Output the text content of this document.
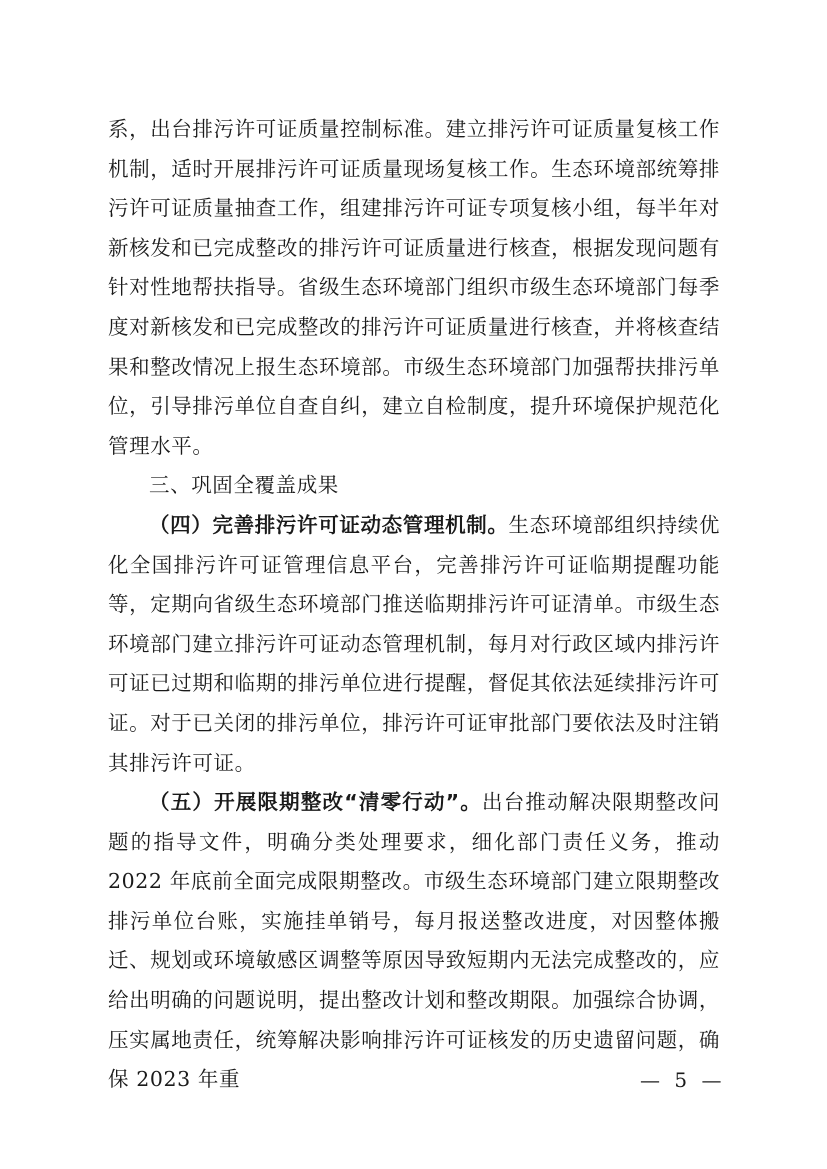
系，出台排污许可证质量控制标准。建立排污许可证质量复核工作机制，适时开展排污许可证质量现场复核工作。生态环境部统筹排污许可证质量抽查工作，组建排污许可证专项复核小组，每半年对新核发和已完成整改的排污许可证质量进行核查，根据发现问题有针对性地帮扶指导。省级生态环境部门组织市级生态环境部门每季度对新核发和已完成整改的排污许可证质量进行核查，并将核查结果和整改情况上报生态环境部。市级生态环境部门加强帮扶排污单位，引导排污单位自查自纠，建立自检制度，提升环境保护规范化管理水平。

三、巩固全覆盖成果

（四）完善排污许可证动态管理机制。生态环境部组织持续优化全国排污许可证管理信息平台，完善排污许可证临期提醒功能等，定期向省级生态环境部门推送临期排污许可证清单。市级生态环境部门建立排污许可证动态管理机制，每月对行政区域内排污许可证已过期和临期的排污单位进行提醒，督促其依法延续排污许可证。对于已关闭的排污单位，排污许可证审批部门要依法及时注销其排污许可证。

（五）开展限期整改“清零行动”。出台推动解决限期整改问题的指导文件，明确分类处理要求，细化部门责任义务，推动 2022 年底前全面完成限期整改。市级生态环境部门建立限期整改排污单位台账，实施挂单销号，每月报送整改进度，对因整体搬迁、规划或环境敏感区调整等原因导致短期内无法完成整改的，应给出明确的问题说明，提出整改计划和整改期限。加强综合协调，压实属地责任，统筹解决影响排污许可证核发的历史遗留问题，确保 2023 年重	— 5 —
